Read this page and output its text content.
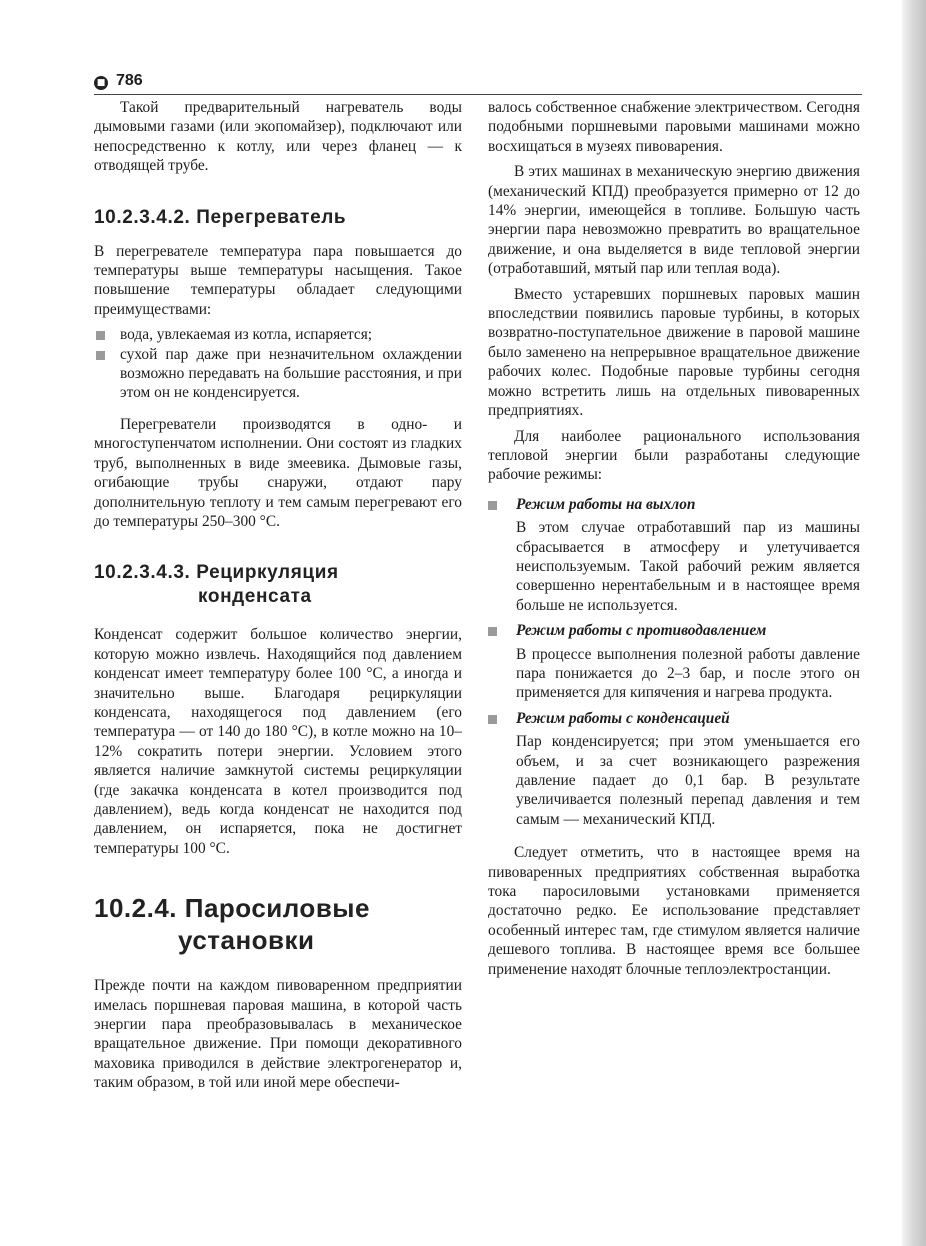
■ 786

Такой предварительный нагреватель воды дымовыми газами (или экопомайзер), подключают или непосредственно к котлу, или через фланец — к отводящей трубе.

10.2.3.4.2. Перегреватель

В перегревателе температура пара повышается до температуры выше температуры насыщения. Такое повышение температуры обладает следующими преимуществами:

вода, увлекаемая из котла, испаряется;
сухой пар даже при незначительном охлаждении возможно передавать на большие расстояния, и при этом он не конденсируется.

Перегреватели производятся в одно- и многоступенчатом исполнении. Они состоят из гладких труб, выполненных в виде змеевика. Дымовые газы, огибающие трубы снаружи, отдают пару дополнительную теплоту и тем самым перегревают его до температуры 250–300 °С.

10.2.3.4.3. Рециркуляция
конденсата

Конденсат содержит большое количество энергии, которую можно извлечь. Находящийся под давлением конденсат имеет температуру более 100 °С, а иногда и значительно выше. Благодаря рециркуляции конденсата, находящегося под давлением (его температура — от 140 до 180 °С), в котле можно на 10–12% сократить потери энергии. Условием этого является наличие замкнутой системы рециркуляции (где закачка конденсата в котел производится под давлением), ведь когда конденсат не находится под давлением, он испаряется, пока не достигнет температуры 100 °С.

10.2.4. Паросиловые
установки

Прежде почти на каждом пивоваренном предприятии имелась поршневая паровая машина, в которой часть энергии пара преобразовывалась в механическое вращательное движение. При помощи декоративного маховика приводился в действие электрогенератор и, таким образом, в той или иной мере обеспечи-

валось собственное снабжение электричеством. Сегодня подобными поршневыми паровыми машинами можно восхищаться в музеях пивоварения.

В этих машинах в механическую энергию движения (механический КПД) преобразуется примерно от 12 до 14% энергии, имеющейся в топливе. Большую часть энергии пара невозможно превратить во вращательное движение, и она выделяется в виде тепловой энергии (отработавший, мятый пар или теплая вода).

Вместо устаревших поршневых паровых машин впоследствии появились паровые турбины, в которых возвратно-поступательное движение в паровой машине было заменено на непрерывное вращательное движение рабочих колес. Подобные паровые турбины сегодня можно встретить лишь на отдельных пивоваренных предприятиях.

Для наиболее рационального использования тепловой энергии были разработаны следующие рабочие режимы:

Режим работы на выхлоп
В этом случае отработавший пар из машины сбрасывается в атмосферу и улетучивается неиспользуемым. Такой рабочий режим является совершенно нерентабельным и в настоящее время больше не используется.
Режим работы с противодавлением
В процессе выполнения полезной работы давление пара понижается до 2–3 бар, и после этого он применяется для кипячения и нагрева продукта.
Режим работы с конденсацией
Пар конденсируется; при этом уменьшается его объем, и за счет возникающего разрежения давление падает до 0,1 бар. В результате увеличивается полезный перепад давления и тем самым — механический КПД.

Следует отметить, что в настоящее время на пивоваренных предприятиях собственная выработка тока паросиловыми установками применяется достаточно редко. Ее использование представляет особенный интерес там, где стимулом является наличие дешевого топлива. В настоящее время все большее применение находят блочные теплоэлектростанции.
